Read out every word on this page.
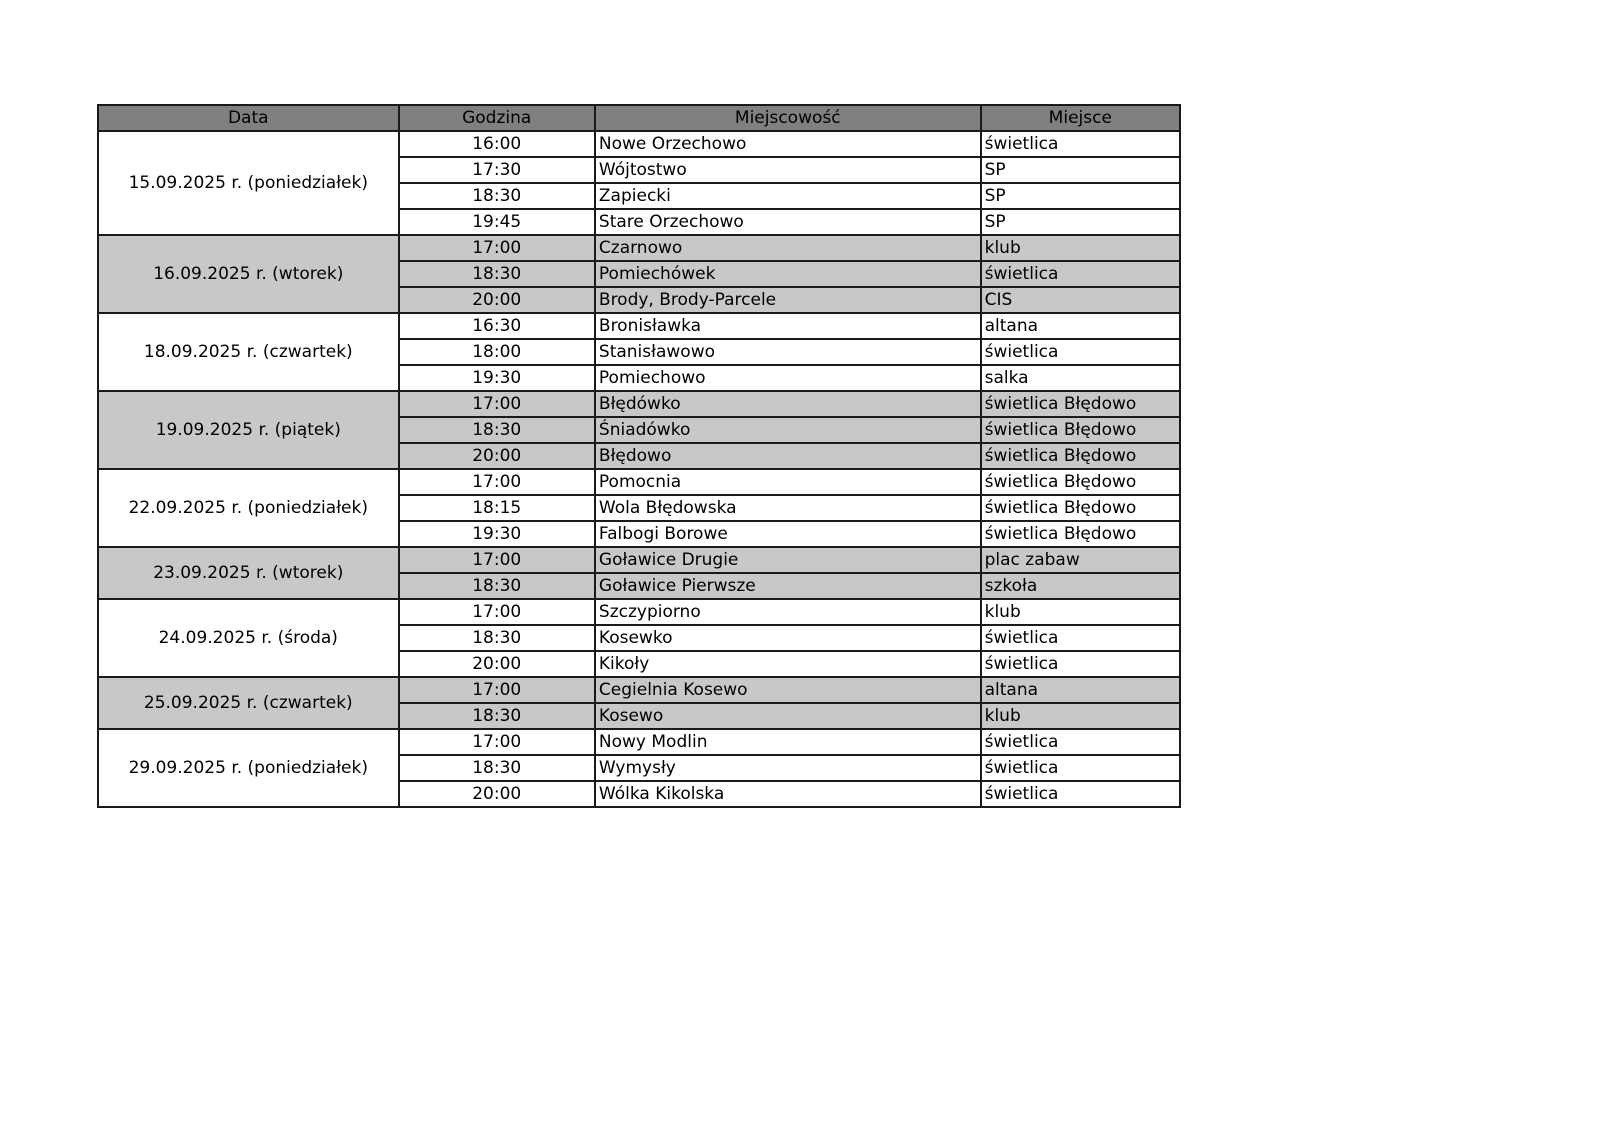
Data	Godzina	Miejscowość	Miejsce
15.09.2025 r. (poniedziałek)	16:00	Nowe Orzechowo	świetlica
	17:30	Wójtostwo	SP
	18:30	Zapiecki	SP
	19:45	Stare Orzechowo	SP
16.09.2025 r. (wtorek)	17:00	Czarnowo	klub
	18:30	Pomiechówek	świetlica
	20:00	Brody, Brody-Parcele	CIS
18.09.2025 r. (czwartek)	16:30	Bronisławka	altana
	18:00	Stanisławowo	świetlica
	19:30	Pomiechowo	salka
19.09.2025 r. (piątek)	17:00	Błędówko	świetlica Błędowo
	18:30	Śniadówko	świetlica Błędowo
	20:00	Błędowo	świetlica Błędowo
22.09.2025 r. (poniedziałek)	17:00	Pomocnia	świetlica Błędowo
	18:15	Wola Błędowska	świetlica Błędowo
	19:30	Falbogi Borowe	świetlica Błędowo
23.09.2025 r. (wtorek)	17:00	Goławice Drugie	plac zabaw
	18:30	Goławice Pierwsze	szkoła
24.09.2025 r. (środa)	17:00	Szczypiorno	klub
	18:30	Kosewko	świetlica
	20:00	Kikoły	świetlica
25.09.2025 r. (czwartek)	17:00	Cegielnia Kosewo	altana
	18:30	Kosewo	klub
29.09.2025 r. (poniedziałek)	17:00	Nowy Modlin	świetlica
	18:30	Wymysły	świetlica
	20:00	Wólka Kikolska	świetlica
